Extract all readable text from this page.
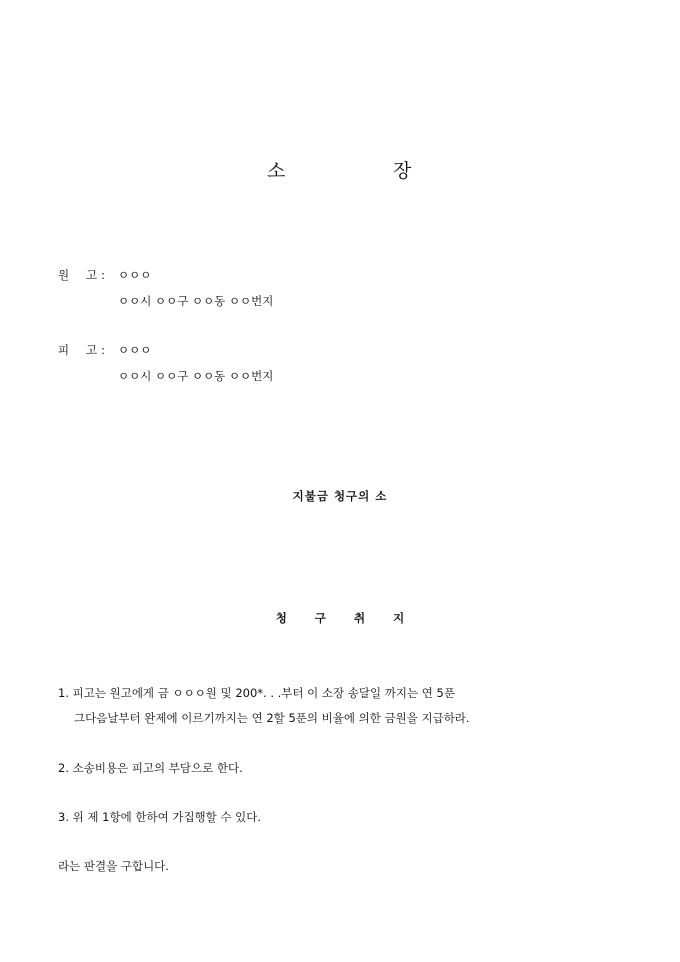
소	장
원 고 :	ㅇㅇㅇ
ㅇㅇ시 ㅇㅇ구 ㅇㅇ동 ㅇㅇ번지
피 고 :	ㅇㅇㅇ
ㅇㅇ시 ㅇㅇ구 ㅇㅇ동 ㅇㅇ번지
지불금 청구의 소
청 구 취 지
1. 피고는 원고에게 금 ㅇㅇㅇ원 및 200*. . .부터 이 소장 송달일 까지는 연 5푼
그다음날부터 완제에 이르기까지는 연 2할 5푼의 비율에 의한 금원을 지급하라.
2. 소송비용은 피고의 부담으로 한다.
3. 위 제 1항에 한하여 가집행할 수 있다.
라는 판결을 구합니다.
